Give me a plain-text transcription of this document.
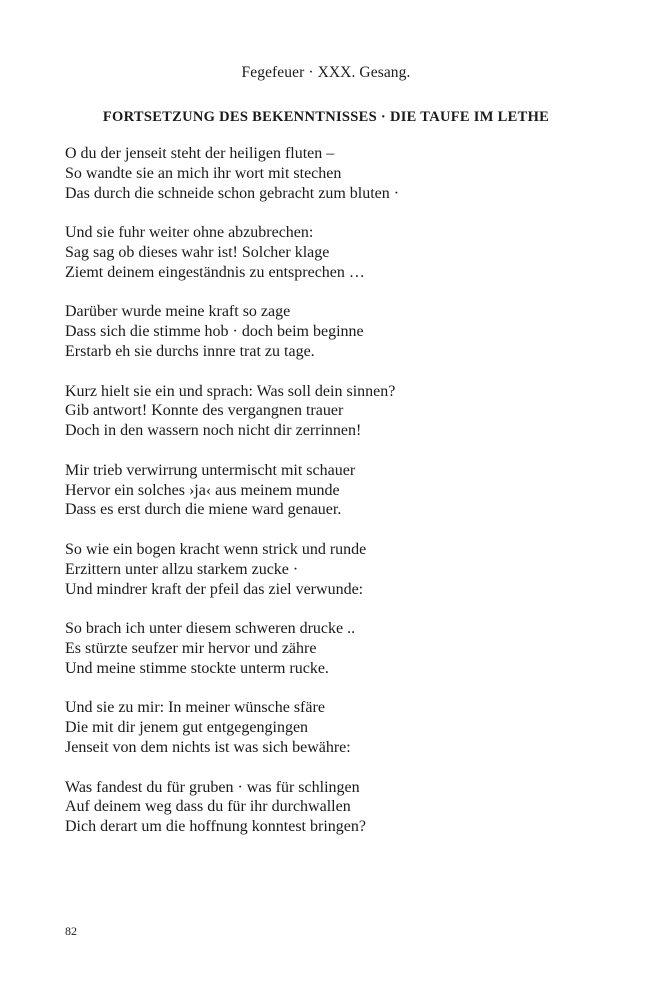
Fegefeuer · XXX. Gesang.
FORTSETZUNG DES BEKENNTNISSES · DIE TAUFE IM LETHE
O du der jenseit steht der heiligen fluten –
So wandte sie an mich ihr wort mit stechen
Das durch die schneide schon gebracht zum bluten ·
Und sie fuhr weiter ohne abzubrechen:
Sag sag ob dieses wahr ist! Solcher klage
Ziemt deinem eingeständnis zu entsprechen …
Darüber wurde meine kraft so zage
Dass sich die stimme hob · doch beim beginne
Erstarb eh sie durchs innre trat zu tage.
Kurz hielt sie ein und sprach: Was soll dein sinnen?
Gib antwort! Konnte des vergangnen trauer
Doch in den wassern noch nicht dir zerrinnen!
Mir trieb verwirrung untermischt mit schauer
Hervor ein solches ›ja‹ aus meinem munde
Dass es erst durch die miene ward genauer.
So wie ein bogen kracht wenn strick und runde
Erzittern unter allzu starkem zucke ·
Und mindrer kraft der pfeil das ziel verwunde:
So brach ich unter diesem schweren drucke ..
Es stürzte seufzer mir hervor und zähre
Und meine stimme stockte unterm rucke.
Und sie zu mir: In meiner wünsche sfäre
Die mit dir jenem gut entgegengingen
Jenseit von dem nichts ist was sich bewähre:
Was fandest du für gruben · was für schlingen
Auf deinem weg dass du für ihr durchwallen
Dich derart um die hoffnung konntest bringen?
82
